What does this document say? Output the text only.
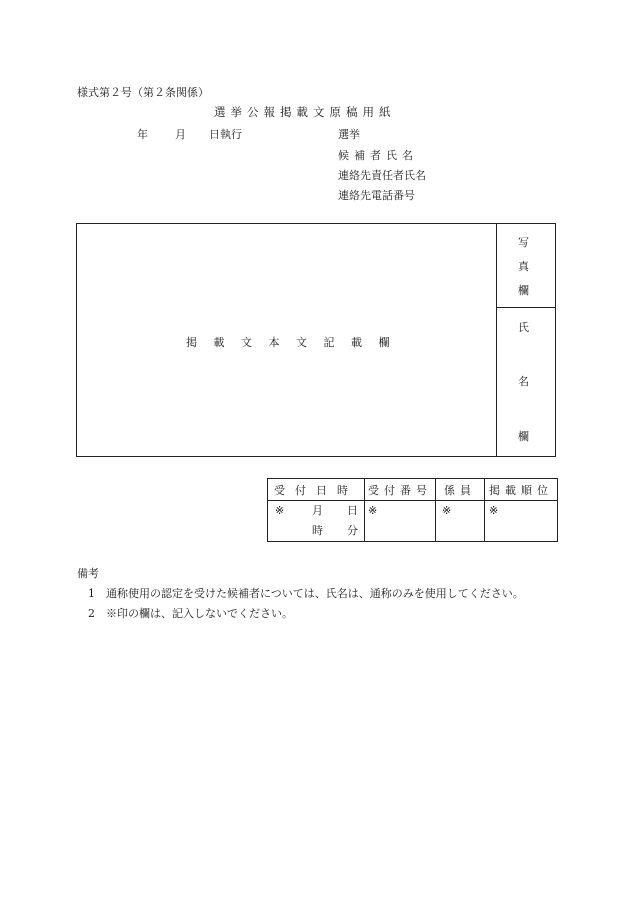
様式第２号（第２条関係）
選挙公報掲載文原稿用紙
年 月 日執行	選挙
候補者氏名
連絡先責任者氏名
連絡先電話番号
掲載文本文記載欄
写
真
欄
氏
名
欄
受付日時	受付番号	係員	掲載順位

※ 月 日
時 分	※	※	※
備考
1 通称使用の認定を受けた候補者については、氏名は、通称のみを使用してください。
2 ※印の欄は、記入しないでください。
